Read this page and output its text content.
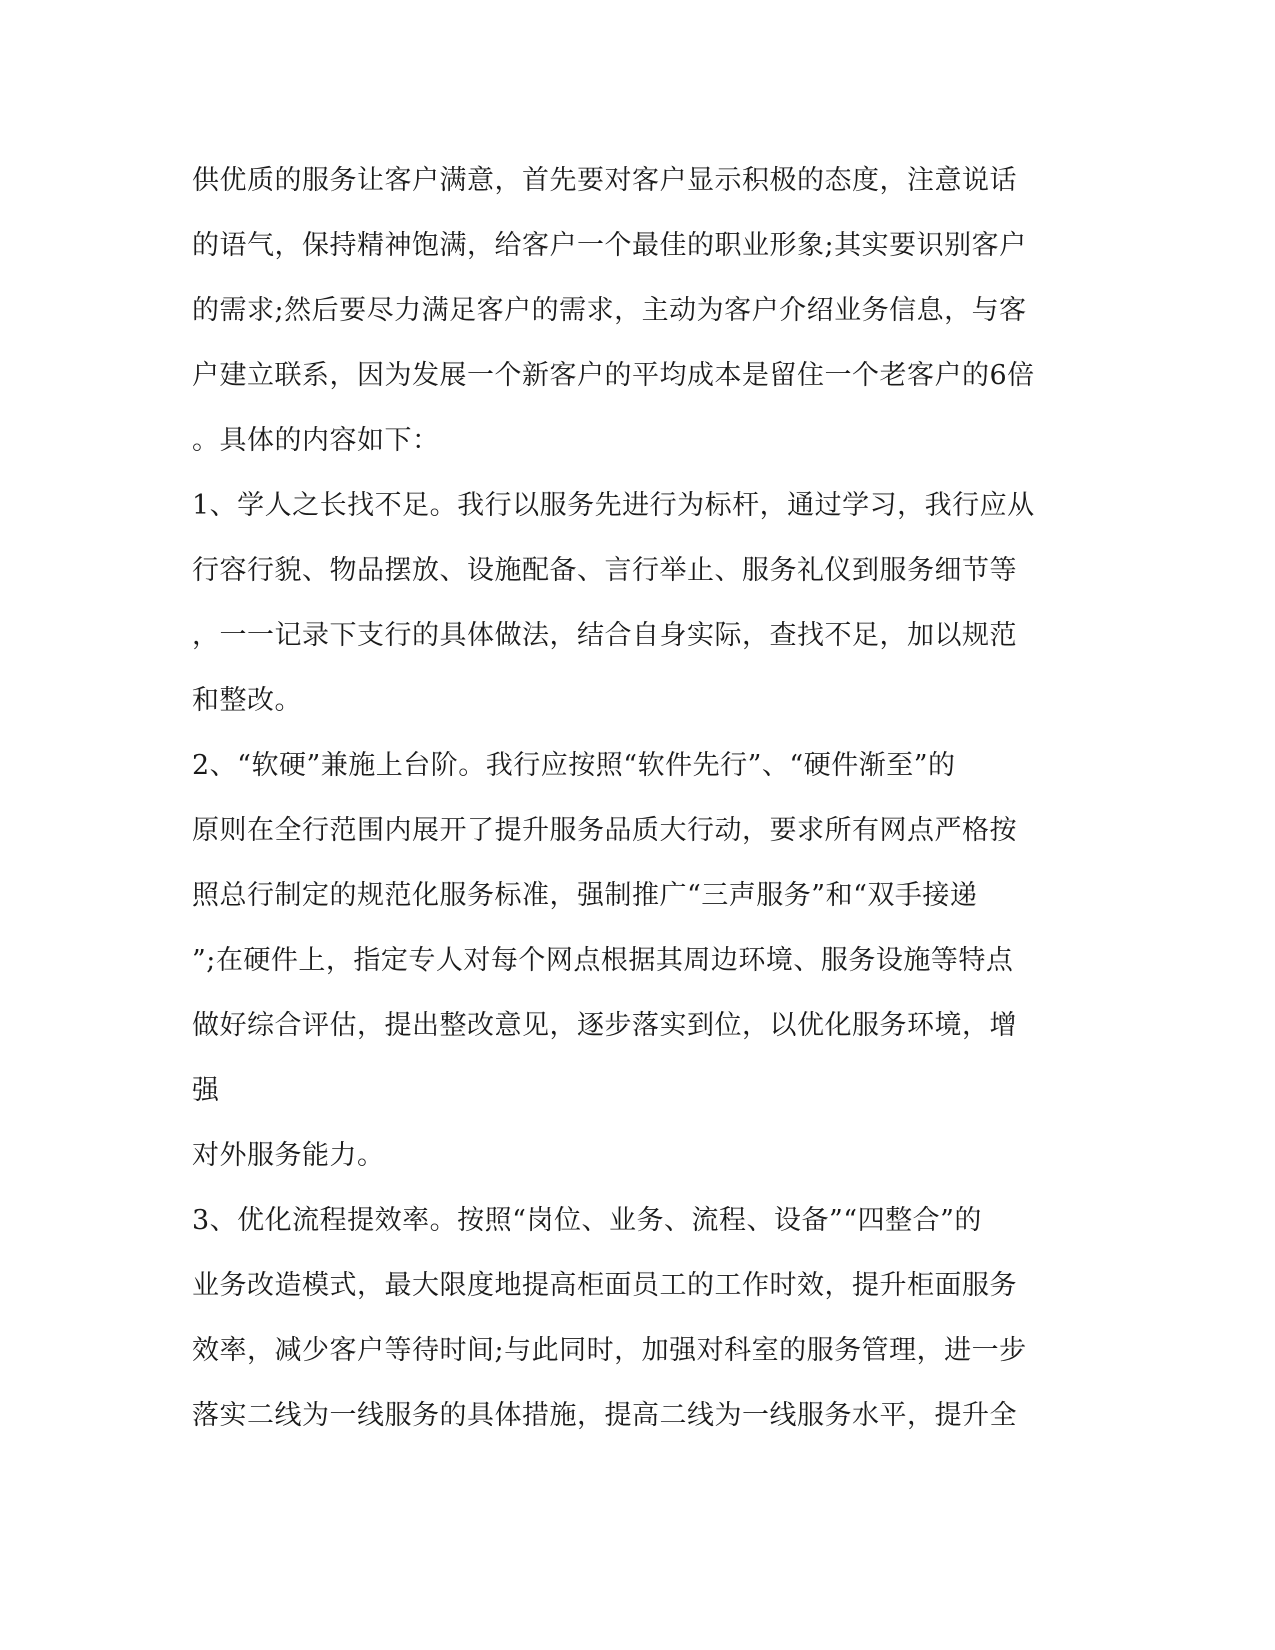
供优质的服务让客户满意，首先要对客户显示积极的态度，注意说话
的语气，保持精神饱满，给客户一个最佳的职业形象;其实要识别客户
的需求;然后要尽力满足客户的需求，主动为客户介绍业务信息，与客
户建立联系，因为发展一个新客户的平均成本是留住一个老客户的6倍
。具体的内容如下：
1、学人之长找不足。我行以服务先进行为标杆，通过学习，我行应从
行容行貌、物品摆放、设施配备、言行举止、服务礼仪到服务细节等
，一一记录下支行的具体做法，结合自身实际，查找不足，加以规范
和整改。
2、“软硬”兼施上台阶。我行应按照“软件先行”、“硬件渐至”的
原则在全行范围内展开了提升服务品质大行动，要求所有网点严格按
照总行制定的规范化服务标准，强制推广“三声服务”和“双手接递
”;在硬件上，指定专人对每个网点根据其周边环境、服务设施等特点
做好综合评估，提出整改意见，逐步落实到位，以优化服务环境，增
强
对外服务能力。
3、优化流程提效率。按照“岗位、业务、流程、设备”“四整合”的
业务改造模式，最大限度地提高柜面员工的工作时效，提升柜面服务
效率，减少客户等待时间;与此同时，加强对科室的服务管理，进一步
落实二线为一线服务的具体措施，提高二线为一线服务水平，提升全
